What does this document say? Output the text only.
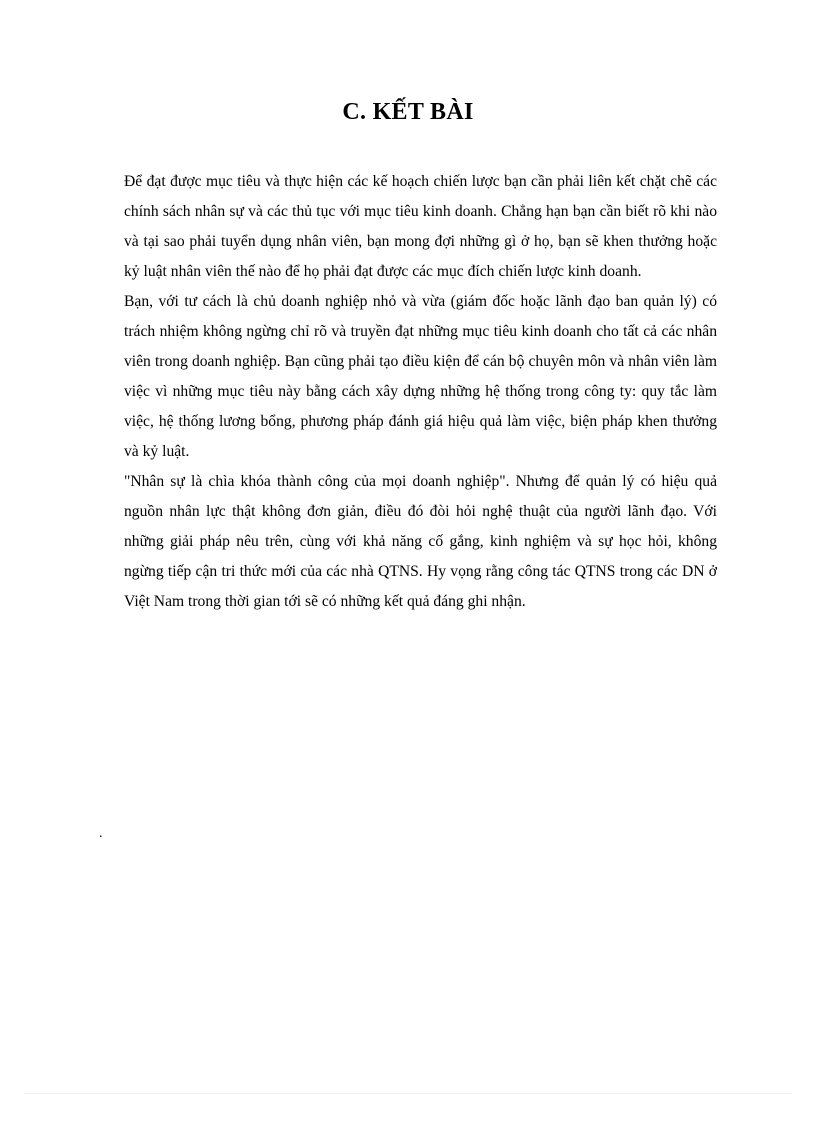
C. KẾT BÀI

Để đạt được mục tiêu và thực hiện các kế hoạch chiến lược bạn cần phải liên kết chặt chẽ các chính sách nhân sự và các thủ tục với mục tiêu kinh doanh. Chẳng hạn bạn cần biết rõ khi nào và tại sao phải tuyển dụng nhân viên, bạn mong đợi những gì ở họ, bạn sẽ khen thưởng hoặc kỷ luật nhân viên thế nào để họ phải đạt được các mục đích chiến lược kinh doanh.

Bạn, với tư cách là chủ doanh nghiệp nhỏ và vừa (giám đốc hoặc lãnh đạo ban quản lý) có trách nhiệm không ngừng chỉ rõ và truyền đạt những mục tiêu kinh doanh cho tất cả các nhân viên trong doanh nghiệp. Bạn cũng phải tạo điều kiện để cán bộ chuyên môn và nhân viên làm việc vì những mục tiêu này bằng cách xây dựng những hệ thống trong công ty: quy tắc làm việc, hệ thống lương bổng, phương pháp đánh giá hiệu quả làm việc, biện pháp khen thưởng và kỷ luật.

"Nhân sự là chìa khóa thành công của mọi doanh nghiệp". Nhưng để quản lý có hiệu quả nguồn nhân lực thật không đơn giản, điều đó đòi hỏi nghệ thuật của người lãnh đạo. Với những giải pháp nêu trên, cùng với khả năng cố gắng, kinh nghiệm và sự học hỏi, không ngừng tiếp cận tri thức mới của các nhà QTNS. Hy vọng rằng công tác QTNS trong các DN ở Việt Nam trong thời gian tới sẽ có những kết quả đáng ghi nhận.

.
